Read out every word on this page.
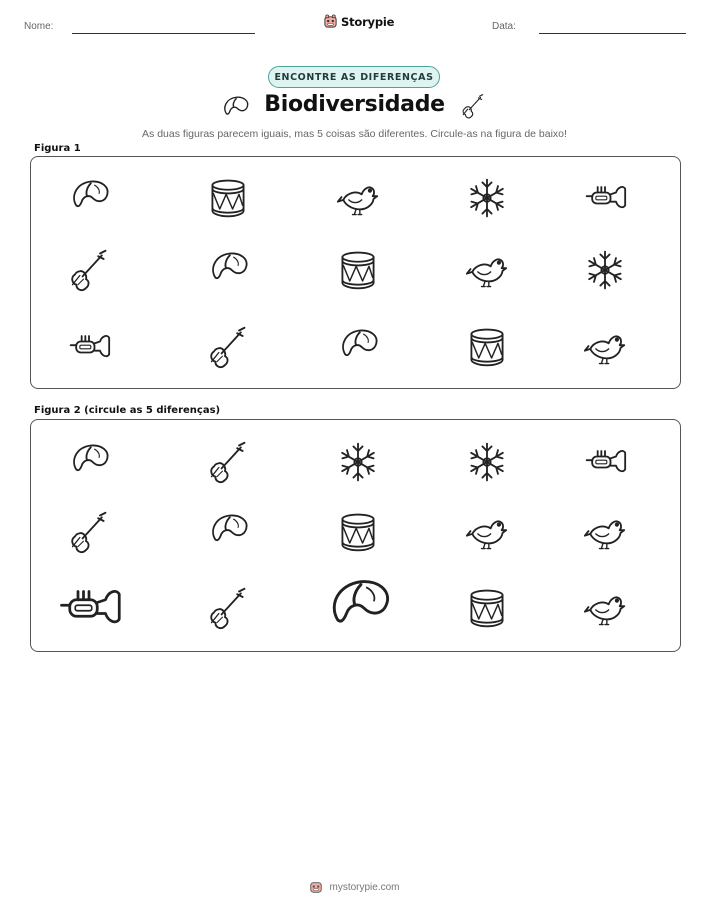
Nome:	Storypie	Data:
ENCONTRE AS DIFERENÇAS
Biodiversidade
As duas figuras parecem iguais, mas 5 coisas são diferentes. Circule-as na figura de baixo!
Figura 1
Figura 2 (circule as 5 diferenças)
mystorypie.com
